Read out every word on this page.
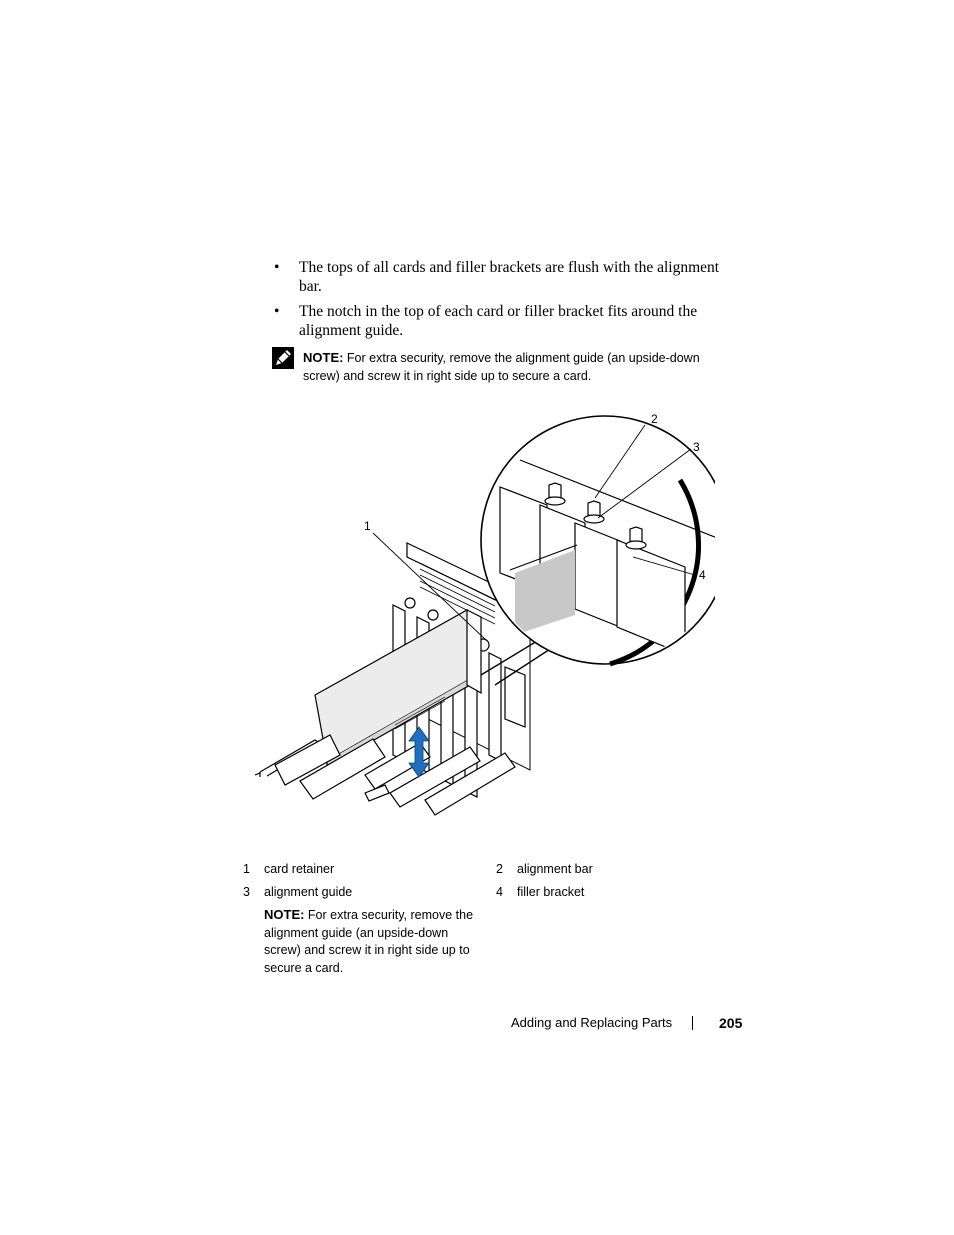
• The tops of all cards and filler brackets are flush with the alignment bar.
• The notch in the top of each card or filler bracket fits around the alignment guide.
NOTE: For extra security, remove the alignment guide (an upside-down screw) and screw it in right side up to secure a card.
1
2
3
4
1 card retainer	2 alignment bar
3 alignment guide	4 filler bracket
NOTE: For extra security, remove the alignment guide (an upside-down screw) and screw it in right side up to secure a card.
Adding and Replacing Parts	205
